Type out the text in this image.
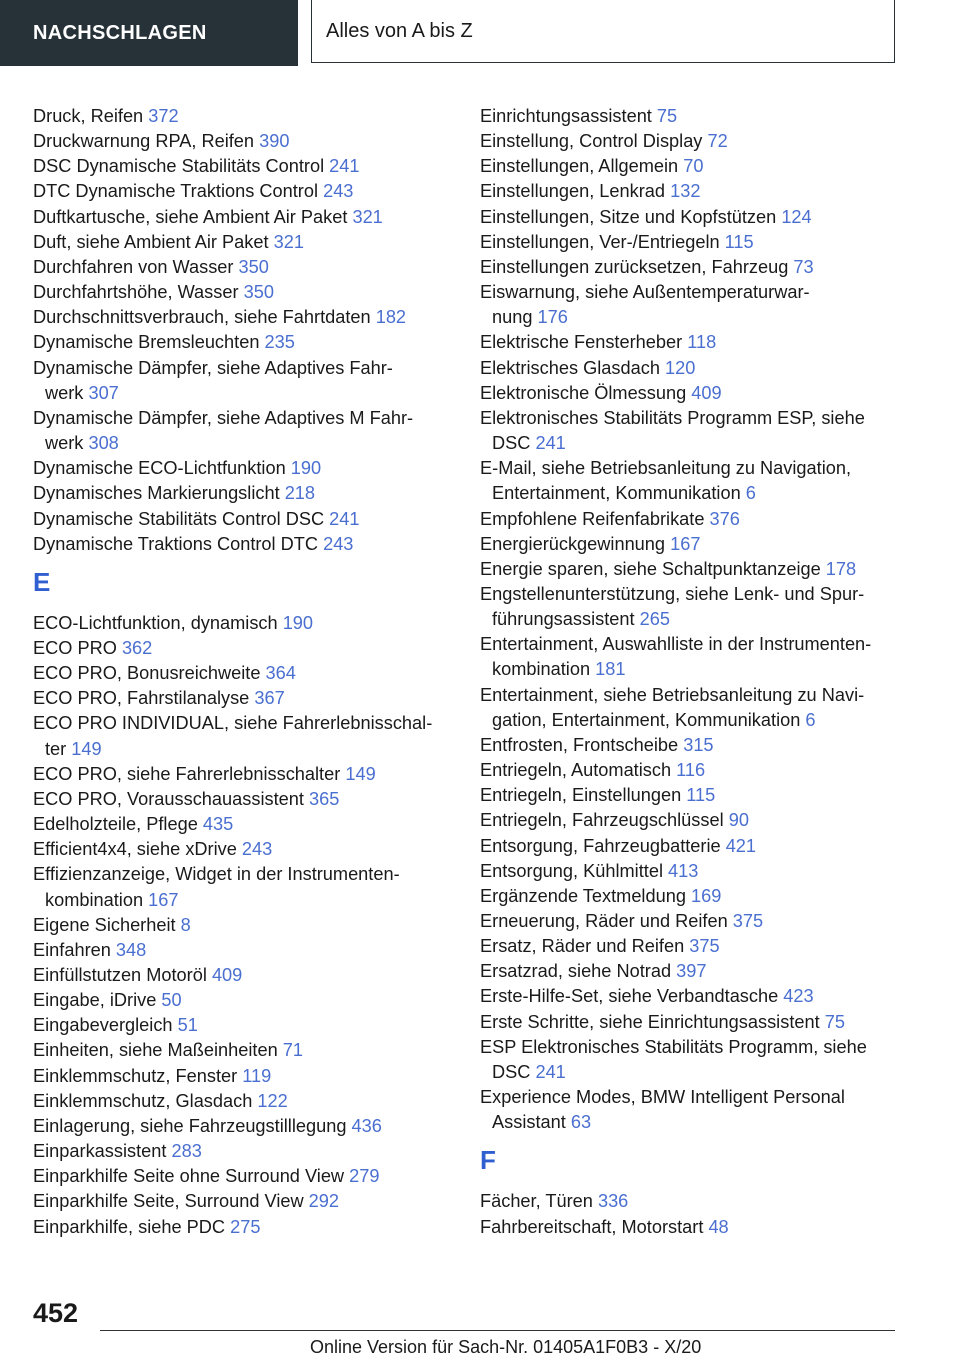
NACHSCHLAGEN	Alles von A bis Z
Druck, Reifen 372
Druckwarnung RPA, Reifen 390
DSC Dynamische Stabilitäts Control 241
DTC Dynamische Traktions Control 243
Duftkartusche, siehe Ambient Air Paket 321
Duft, siehe Ambient Air Paket 321
Durchfahren von Wasser 350
Durchfahrtshöhe, Wasser 350
Durchschnittsverbrauch, siehe Fahrtdaten 182
Dynamische Bremsleuchten 235
Dynamische Dämpfer, siehe Adaptives Fahr-
werk 307
Dynamische Dämpfer, siehe Adaptives M Fahr-
werk 308
Dynamische ECO-Lichtfunktion 190
Dynamisches Markierungslicht 218
Dynamische Stabilitäts Control DSC 241
Dynamische Traktions Control DTC 243
E
ECO-Lichtfunktion, dynamisch 190
ECO PRO 362
ECO PRO, Bonusreichweite 364
ECO PRO, Fahrstilanalyse 367
ECO PRO INDIVIDUAL, siehe Fahrerlebnisschal-
ter 149
ECO PRO, siehe Fahrerlebnisschalter 149
ECO PRO, Vorausschauassistent 365
Edelholzteile, Pflege 435
Efficient4x4, siehe xDrive 243
Effizienzanzeige, Widget in der Instrumenten-
kombination 167
Eigene Sicherheit 8
Einfahren 348
Einfüllstutzen Motoröl 409
Eingabe, iDrive 50
Eingabevergleich 51
Einheiten, siehe Maßeinheiten 71
Einklemmschutz, Fenster 119
Einklemmschutz, Glasdach 122
Einlagerung, siehe Fahrzeugstilllegung 436
Einparkassistent 283
Einparkhilfe Seite ohne Surround View 279
Einparkhilfe Seite, Surround View 292
Einparkhilfe, siehe PDC 275
Einrichtungsassistent 75
Einstellung, Control Display 72
Einstellungen, Allgemein 70
Einstellungen, Lenkrad 132
Einstellungen, Sitze und Kopfstützen 124
Einstellungen, Ver-/Entriegeln 115
Einstellungen zurücksetzen, Fahrzeug 73
Eiswarnung, siehe Außentemperaturwar-
nung 176
Elektrische Fensterheber 118
Elektrisches Glasdach 120
Elektronische Ölmessung 409
Elektronisches Stabilitäts Programm ESP, siehe
DSC 241
E-Mail, siehe Betriebsanleitung zu Navigation,
Entertainment, Kommunikation 6
Empfohlene Reifenfabrikate 376
Energierückgewinnung 167
Energie sparen, siehe Schaltpunktanzeige 178
Engstellenunterstützung, siehe Lenk- und Spur-
führungsassistent 265
Entertainment, Auswahlliste in der Instrumenten-
kombination 181
Entertainment, siehe Betriebsanleitung zu Navi-
gation, Entertainment, Kommunikation 6
Entfrosten, Frontscheibe 315
Entriegeln, Automatisch 116
Entriegeln, Einstellungen 115
Entriegeln, Fahrzeugschlüssel 90
Entsorgung, Fahrzeugbatterie 421
Entsorgung, Kühlmittel 413
Ergänzende Textmeldung 169
Erneuerung, Räder und Reifen 375
Ersatz, Räder und Reifen 375
Ersatzrad, siehe Notrad 397
Erste-Hilfe-Set, siehe Verbandtasche 423
Erste Schritte, siehe Einrichtungsassistent 75
ESP Elektronisches Stabilitäts Programm, siehe
DSC 241
Experience Modes, BMW Intelligent Personal
Assistant 63
F
Fächer, Türen 336
Fahrbereitschaft, Motorstart 48
452
Online Version für Sach-Nr. 01405A1F0B3 - X/20
